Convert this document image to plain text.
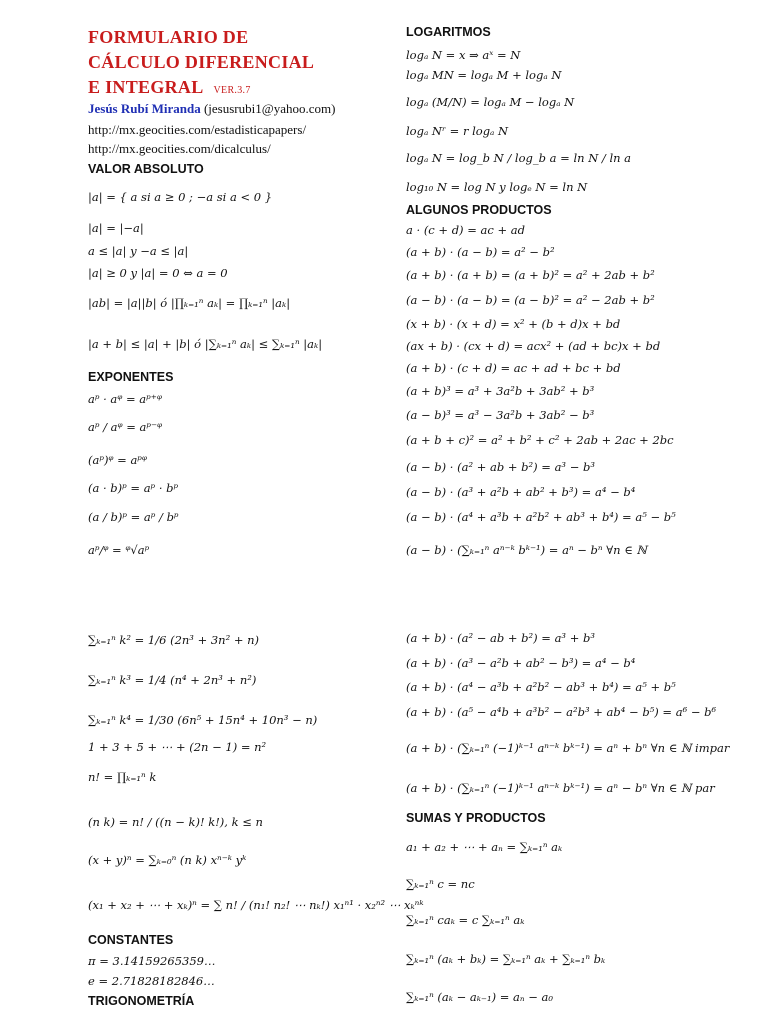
FORMULARIO DE
CÁLCULO DIFERENCIAL
E INTEGRAL VER.3.7
Jesús Rubí Miranda (jesusrubi1@yahoo.com)
http://mx.geocities.com/estadisticapapers/
http://mx.geocities.com/dicalculus/
VALOR ABSOLUTO
|a| = { a si a ≥ 0 ; −a si a < 0 }
|a| = |−a|
a ≤ |a| y −a ≤ |a|
|a| ≥ 0 y |a| = 0 ⇔ a = 0
|ab| = |a||b| ó |∏ₖ₌₁ⁿ aₖ| = ∏ₖ₌₁ⁿ |aₖ|
|a + b| ≤ |a| + |b| ó |∑ₖ₌₁ⁿ aₖ| ≤ ∑ₖ₌₁ⁿ |aₖ|
EXPONENTES
aᵖ · aᵠ = aᵖ⁺ᵠ
aᵖ / aᵠ = aᵖ⁻ᵠ
(aᵖ)ᵠ = aᵖᵠ
(a · b)ᵖ = aᵖ · bᵖ
(a / b)ᵖ = aᵖ / bᵖ
aᵖ/ᵠ = ᵠ√aᵖ
∑ₖ₌₁ⁿ k² = 1/6 (2n³ + 3n² + n)
∑ₖ₌₁ⁿ k³ = 1/4 (n⁴ + 2n³ + n²)
∑ₖ₌₁ⁿ k⁴ = 1/30 (6n⁵ + 15n⁴ + 10n³ − n)
1 + 3 + 5 + ⋯ + (2n − 1) = n²
n! = ∏ₖ₌₁ⁿ k
(n k) = n! / ((n − k)! k!), k ≤ n
(x + y)ⁿ = ∑ₖ₌₀ⁿ (n k) xⁿ⁻ᵏ yᵏ
(x₁ + x₂ + ⋯ + xₖ)ⁿ = ∑ n! / (n₁! n₂! ⋯ nₖ!) x₁ⁿ¹ · x₂ⁿ² ⋯ xₖⁿᵏ
CONSTANTES
π = 3.14159265359…
e = 2.71828182846…
TRIGONOMETRÍA
LOGARITMOS
logₐ N = x ⇒ aˣ = N
logₐ MN = logₐ M + logₐ N
logₐ (M/N) = logₐ M − logₐ N
logₐ Nʳ = r logₐ N
logₐ N = log_b N / log_b a = ln N / ln a
log₁₀ N = log N y logₑ N = ln N
ALGUNOS PRODUCTOS
a · (c + d) = ac + ad
(a + b) · (a − b) = a² − b²
(a + b) · (a + b) = (a + b)² = a² + 2ab + b²
(a − b) · (a − b) = (a − b)² = a² − 2ab + b²
(x + b) · (x + d) = x² + (b + d)x + bd
(ax + b) · (cx + d) = acx² + (ad + bc)x + bd
(a + b) · (c + d) = ac + ad + bc + bd
(a + b)³ = a³ + 3a²b + 3ab² + b³
(a − b)³ = a³ − 3a²b + 3ab² − b³
(a + b + c)² = a² + b² + c² + 2ab + 2ac + 2bc
(a − b) · (a² + ab + b²) = a³ − b³
(a − b) · (a³ + a²b + ab² + b³) = a⁴ − b⁴
(a − b) · (a⁴ + a³b + a²b² + ab³ + b⁴) = a⁵ − b⁵
(a − b) · (∑ₖ₌₁ⁿ aⁿ⁻ᵏ bᵏ⁻¹) = aⁿ − bⁿ ∀n ∈ ℕ
(a + b) · (a² − ab + b²) = a³ + b³
(a + b) · (a³ − a²b + ab² − b³) = a⁴ − b⁴
(a + b) · (a⁴ − a³b + a²b² − ab³ + b⁴) = a⁵ + b⁵
(a + b) · (a⁵ − a⁴b + a³b² − a²b³ + ab⁴ − b⁵) = a⁶ − b⁶
(a + b) · (∑ₖ₌₁ⁿ (−1)ᵏ⁻¹ aⁿ⁻ᵏ bᵏ⁻¹) = aⁿ + bⁿ ∀n ∈ ℕ impar
(a + b) · (∑ₖ₌₁ⁿ (−1)ᵏ⁻¹ aⁿ⁻ᵏ bᵏ⁻¹) = aⁿ − bⁿ ∀n ∈ ℕ par
SUMAS Y PRODUCTOS
a₁ + a₂ + ⋯ + aₙ = ∑ₖ₌₁ⁿ aₖ
∑ₖ₌₁ⁿ c = nc
∑ₖ₌₁ⁿ caₖ = c ∑ₖ₌₁ⁿ aₖ
∑ₖ₌₁ⁿ (aₖ + bₖ) = ∑ₖ₌₁ⁿ aₖ + ∑ₖ₌₁ⁿ bₖ
∑ₖ₌₁ⁿ (aₖ − aₖ₋₁) = aₙ − a₀
